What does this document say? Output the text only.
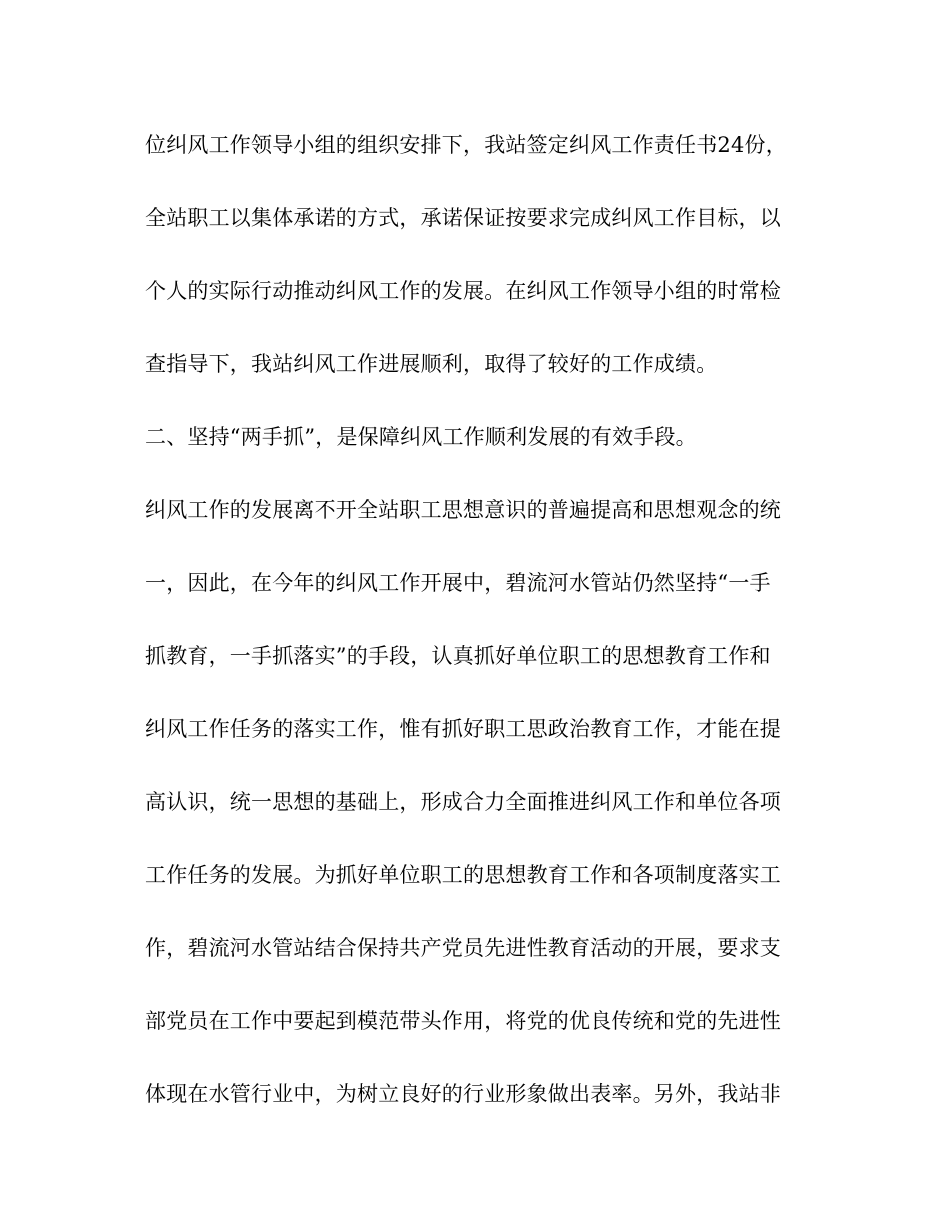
位纠风工作领导小组的组织安排下，我站签定纠风工作责任书24份，
全站职工以集体承诺的方式，承诺保证按要求完成纠风工作目标，以
个人的实际行动推动纠风工作的发展。在纠风工作领导小组的时常检
查指导下，我站纠风工作进展顺利，取得了较好的工作成绩。
二、坚持“两手抓”，是保障纠风工作顺利发展的有效手段。
纠风工作的发展离不开全站职工思想意识的普遍提高和思想观念的统
一，因此，在今年的纠风工作开展中，碧流河水管站仍然坚持“一手
抓教育，一手抓落实”的手段，认真抓好单位职工的思想教育工作和
纠风工作任务的落实工作，惟有抓好职工思政治教育工作，才能在提
高认识，统一思想的基础上，形成合力全面推进纠风工作和单位各项
工作任务的发展。为抓好单位职工的思想教育工作和各项制度落实工
作，碧流河水管站结合保持共产党员先进性教育活动的开展，要求支
部党员在工作中要起到模范带头作用，将党的优良传统和党的先进性
体现在水管行业中，为树立良好的行业形象做出表率。另外，我站非
